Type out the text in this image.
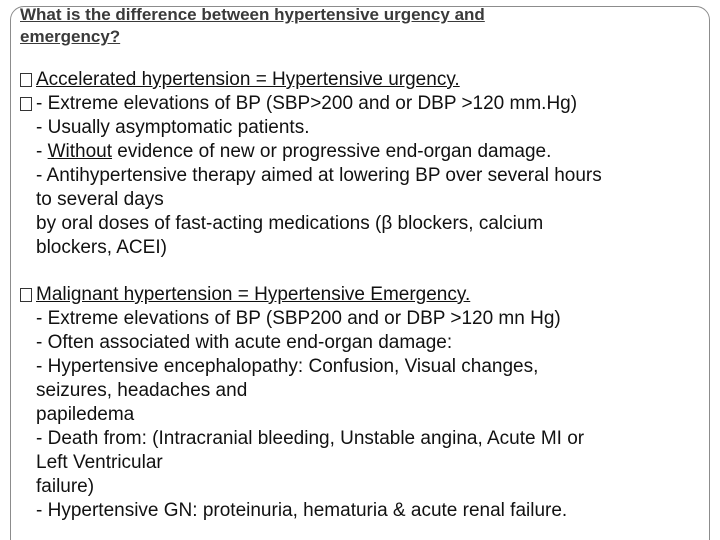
What is the difference between hypertensive urgency and
emergency?
Accelerated hypertension = Hypertensive urgency.
- Extreme elevations of BP (SBP>200 and or DBP >120 mm.Hg)
- Usually asymptomatic patients.
- Without evidence of new or progressive end-organ damage.
- Antihypertensive therapy aimed at lowering BP over several hours
to several days
by oral doses of fast-acting medications (β blockers, calcium
blockers, ACEI)
Malignant hypertension = Hypertensive Emergency.
- Extreme elevations of BP (SBP200 and or DBP >120 mn Hg)
- Often associated with acute end-organ damage:
- Hypertensive encephalopathy: Confusion, Visual changes,
seizures, headaches and
papiledema
- Death from: (Intracranial bleeding, Unstable angina, Acute MI or
Left Ventricular
failure)
- Hypertensive GN: proteinuria, hematuria & acute renal failure.
